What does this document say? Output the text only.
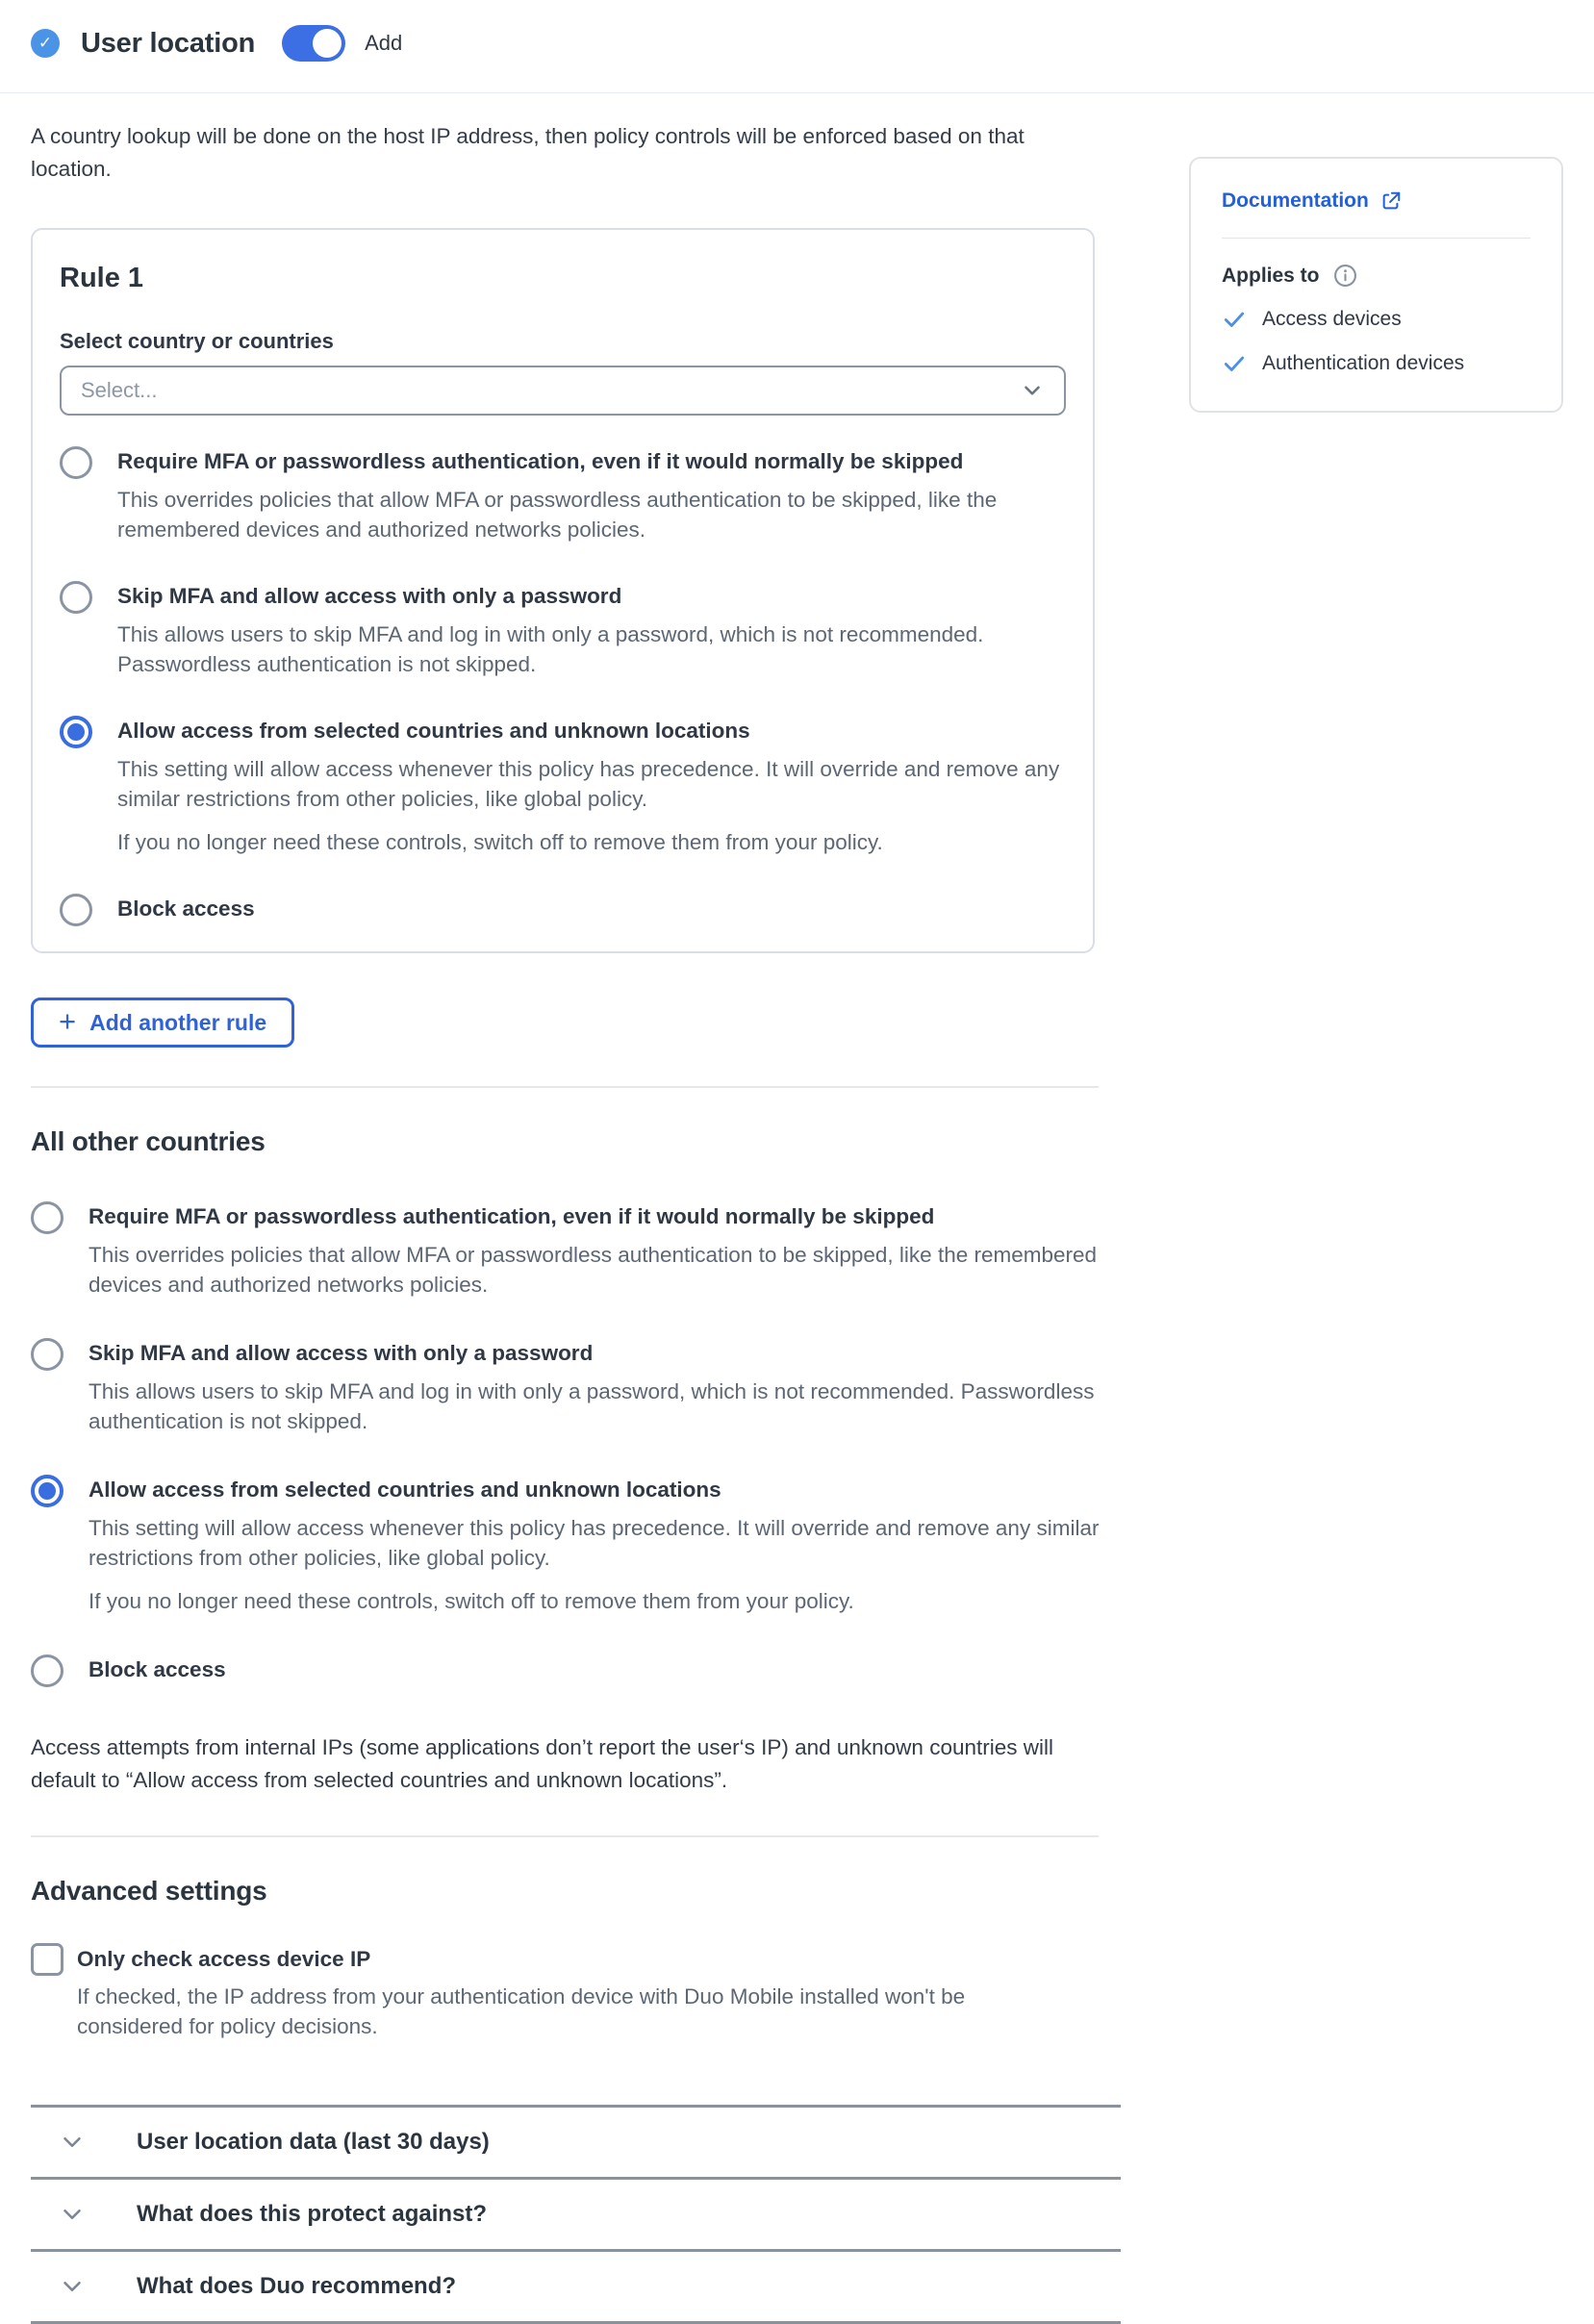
✓ User location	Add

A country lookup will be done on the host IP address, then policy controls will be enforced based on that location.

Rule 1
Select country or countries
Select...
Require MFA or passwordless authentication, even if it would normally be skipped

This overrides policies that allow MFA or passwordless authentication to be skipped, like the remembered devices and authorized networks policies.

Skip MFA and allow access with only a password

This allows users to skip MFA and log in with only a password, which is not recommended. Passwordless authentication is not skipped.

Allow access from selected countries and unknown locations

This setting will allow access whenever this policy has precedence. It will override and remove any similar restrictions from other policies, like global policy.

If you no longer need these controls, switch off to remove them from your policy.

Block access
+ Add another rule
All other countries
Require MFA or passwordless authentication, even if it would normally be skipped

This overrides policies that allow MFA or passwordless authentication to be skipped, like the remembered devices and authorized networks policies.

Skip MFA and allow access with only a password

This allows users to skip MFA and log in with only a password, which is not recommended. Passwordless authentication is not skipped.

Allow access from selected countries and unknown locations

This setting will allow access whenever this policy has precedence. It will override and remove any similar restrictions from other policies, like global policy.

If you no longer need these controls, switch off to remove them from your policy.

Block access

Access attempts from internal IPs (some applications don’t report the user‘s IP) and unknown countries will default to “Allow access from selected countries and unknown locations”.

Advanced settings
Only check access device IP

If checked, the IP address from your authentication device with Duo Mobile installed won't be considered for policy decisions.

User location data (last 30 days)
What does this protect against?
What does Duo recommend?
Documentation
Applies to
Access devices
Authentication devices
